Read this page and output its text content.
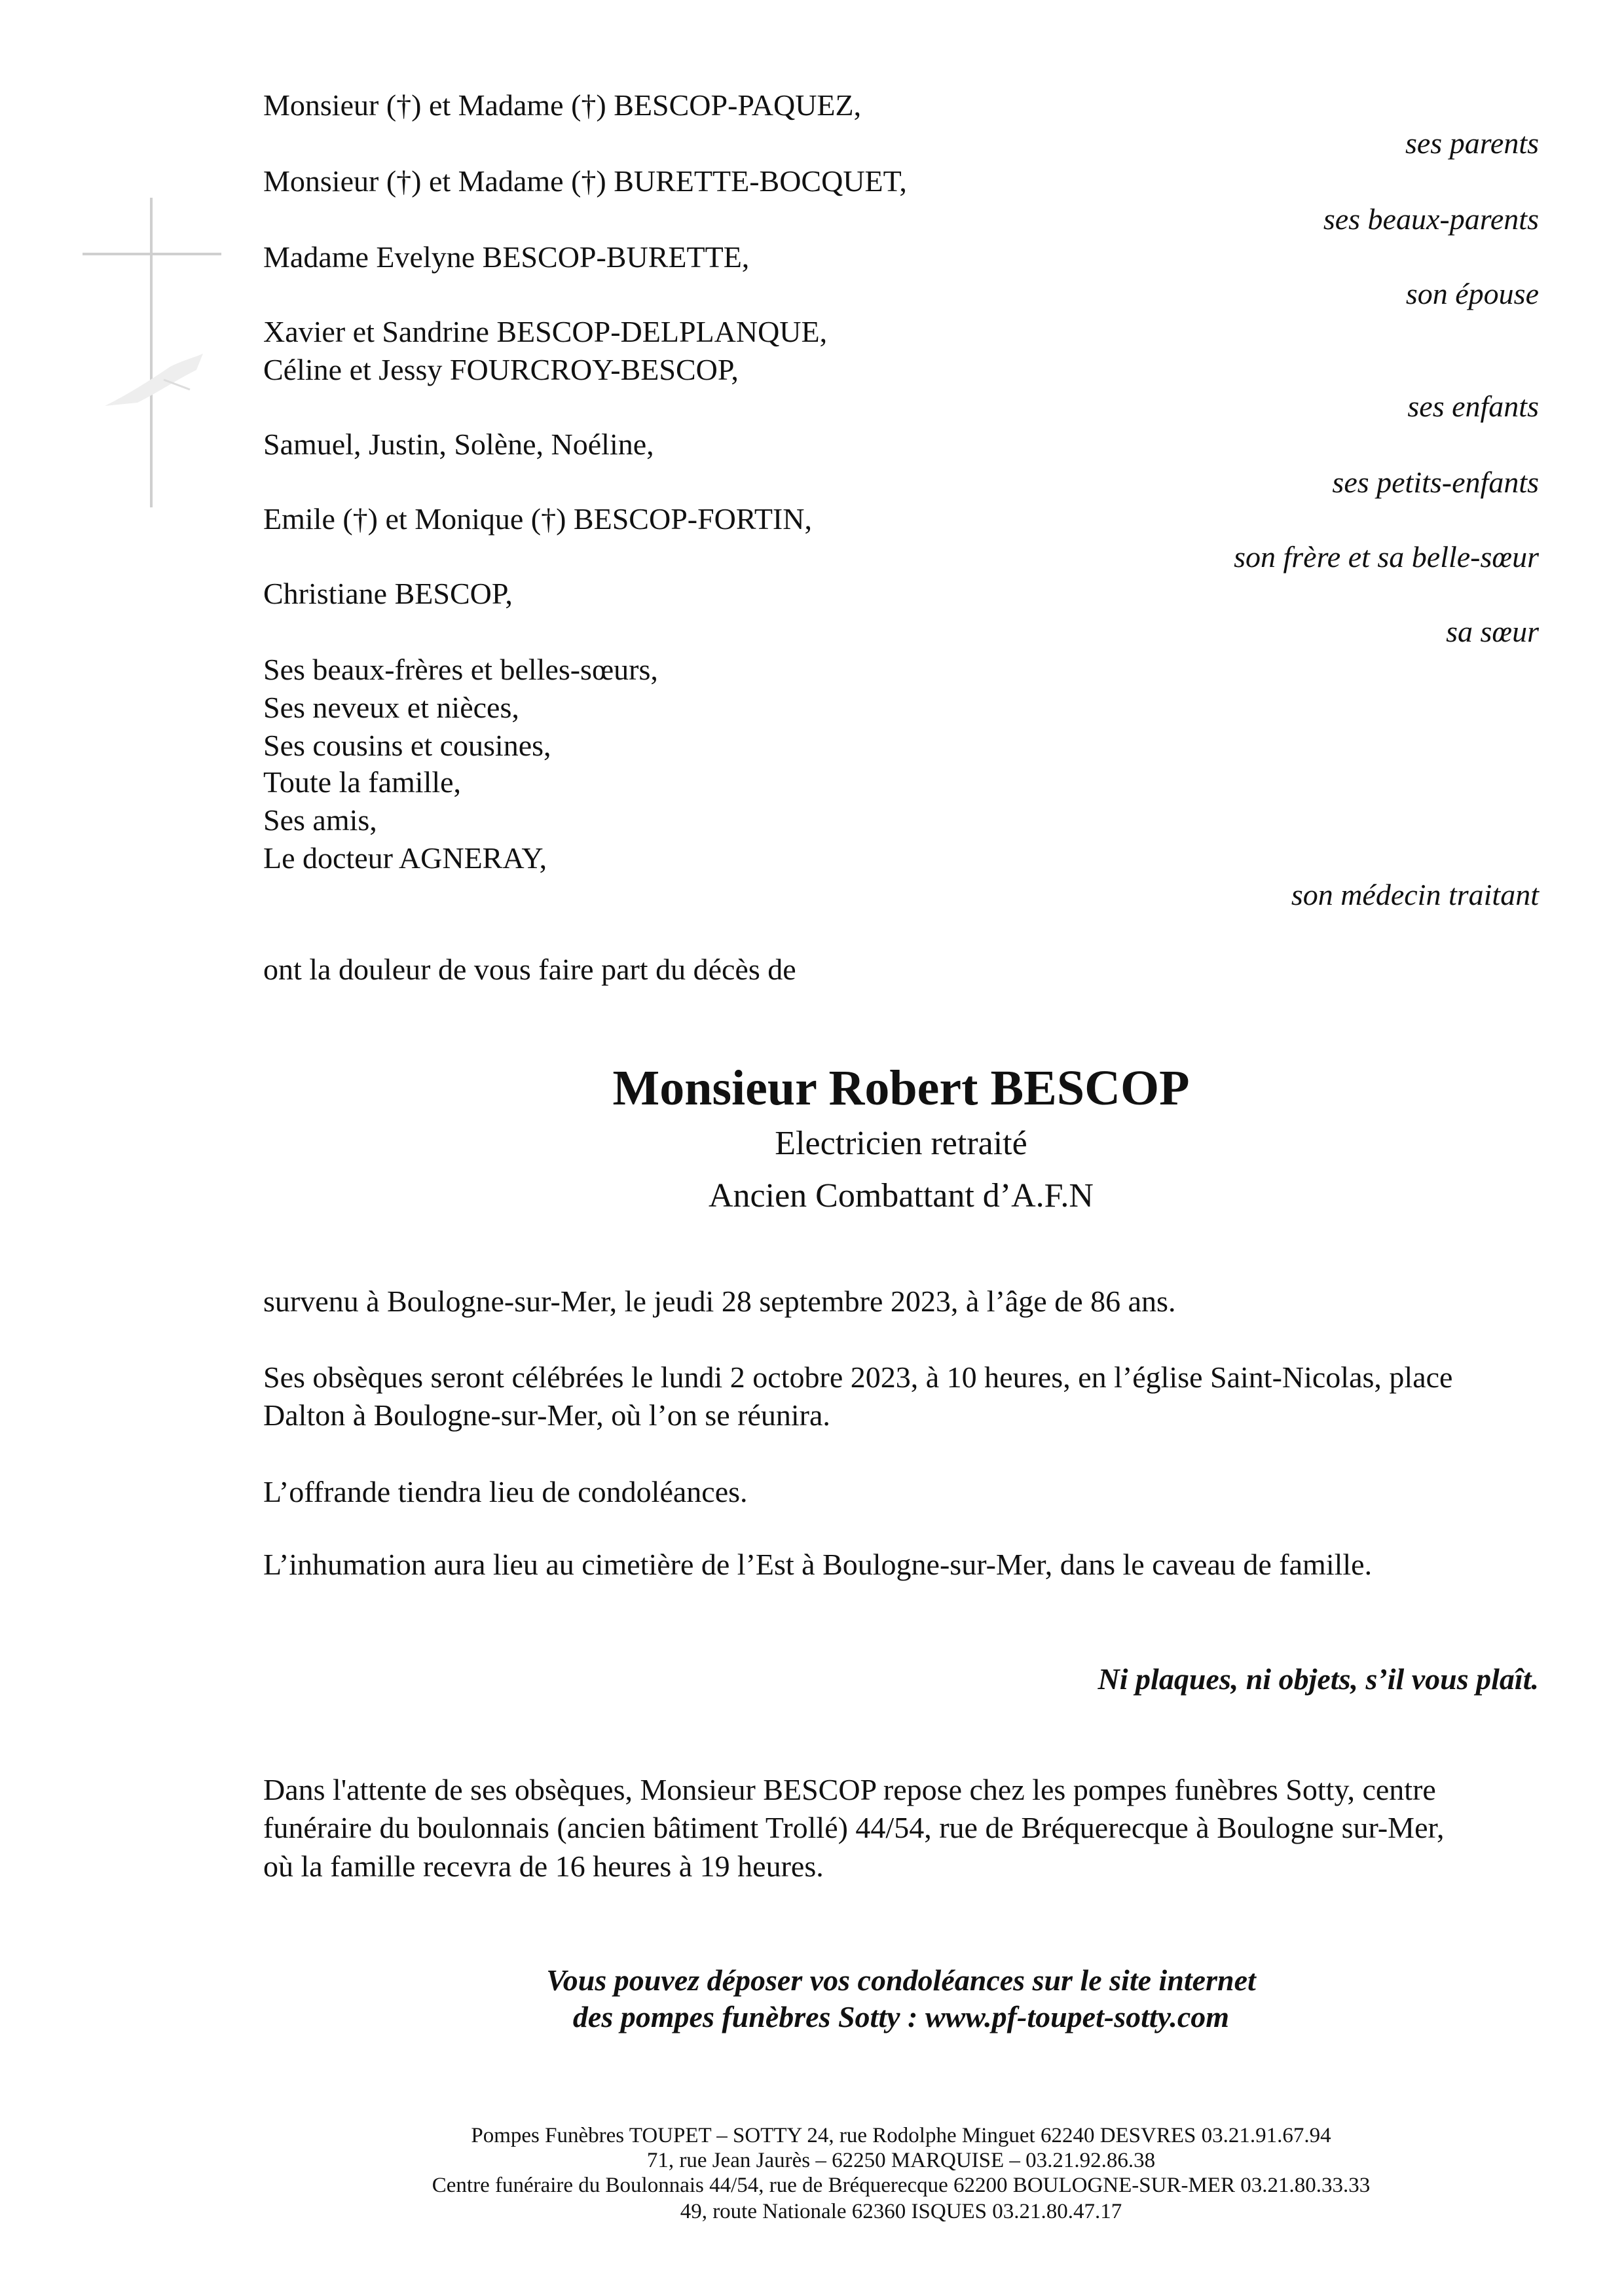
Monsieur (†) et Madame (†) BESCOP-PAQUEZ,
ses parents
Monsieur (†) et Madame (†) BURETTE-BOCQUET,
ses beaux-parents
Madame Evelyne BESCOP-BURETTE,
son épouse
Xavier et Sandrine BESCOP-DELPLANQUE,
Céline et Jessy FOURCROY-BESCOP,
ses enfants
Samuel, Justin, Solène, Noéline,
ses petits-enfants
Emile (†) et Monique (†) BESCOP-FORTIN,
son frère et sa belle-sœur
Christiane BESCOP,
sa sœur
Ses beaux-frères et belles-sœurs,
Ses neveux et nièces,
Ses cousins et cousines,
Toute la famille,
Ses amis,
Le docteur AGNERAY,
son médecin traitant
ont la douleur de vous faire part du décès de
Monsieur Robert BESCOP
Electricien retraité
Ancien Combattant d’A.F.N
survenu à Boulogne-sur-Mer, le jeudi 28 septembre 2023, à l’âge de 86 ans.
Ses obsèques seront célébrées le lundi 2 octobre 2023, à 10 heures, en l’église Saint-Nicolas, place
Dalton à Boulogne-sur-Mer, où l’on se réunira.
L’offrande tiendra lieu de condoléances.
L’inhumation aura lieu au cimetière de l’Est à Boulogne-sur-Mer, dans le caveau de famille.
Ni plaques, ni objets, s’il vous plaît.
Dans l'attente de ses obsèques, Monsieur BESCOP repose chez les pompes funèbres Sotty, centre
funéraire du boulonnais (ancien bâtiment Trollé) 44/54, rue de Bréquerecque à Boulogne sur-Mer,
où la famille recevra de 16 heures à 19 heures.
Vous pouvez déposer vos condoléances sur le site internet
des pompes funèbres Sotty : www.pf-toupet-sotty.com
Pompes Funèbres TOUPET – SOTTY 24, rue Rodolphe Minguet 62240 DESVRES 03.21.91.67.94
71, rue Jean Jaurès – 62250 MARQUISE – 03.21.92.86.38
Centre funéraire du Boulonnais 44/54, rue de Bréquerecque 62200 BOULOGNE-SUR-MER 03.21.80.33.33
49, route Nationale 62360 ISQUES 03.21.80.47.17
